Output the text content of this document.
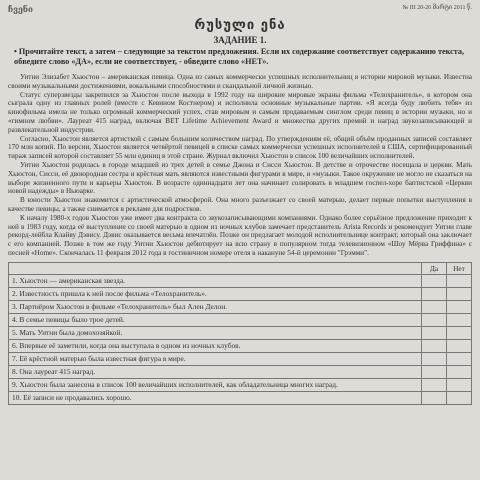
ჩვენი	№ III 20-26 მარტი 2011 წ.
რუსული ენა
ЗАДАНИЕ 1.
• Прочитайте текст, а затем – следующие за текстом предложения. Если их содержание соответствует содержанию текста, обведите слово «ДА», если не соответствует, - обведите слово «НЕТ».

Уитни Элизабет Хьюстон – американская певица. Одна из самых коммерчески успешных исполнительниц в истории мировой музыки. Известна своими музыкальными достижениями, вокальными способностями и скандальной личной жизнью.

Статус суперзвезды закрепился за Хьюстон после выхода в 1992 году на широкие мировые экраны фильма «Телохранитель», в котором она сыграла одну из главных ролей (вместе с Кевином Костнером) и исполнила основные музыкальные партии. «Я всегда буду любить тебя» из кинофильма имела не только огромный коммерческий успех, став мировым и самым продаваемым синглом среди певиц в истории музыки, но и «гимном любви». Лауреат 415 наград, включая BET Lifetime Achievement Award и множества других премий и наград звукозаписывающей и развлекательной индустрии.

Согласно, Хьюстон является артисткой с самым большим количеством наград. По утверждениям её, общий объём проданных записей составляет 170 млн копий. По версии, Хьюстон является четвёртой певицей в списке самых коммерчески успешных исполнителей в США, сертифицированный тираж записей которой составляет 55 млн единиц в этой стране. Журнал включил Хьюстон в список 100 величайших исполнителей.

Уитни Хьюстон родилась в городе младшей из трех детей в семье Джона и Сисси Хьюстон. В детстве и отрочестве посещала и церкви. Мать Хьюстон, Сисси, её двоюродная сестра и крёстная мать являются известными фигурами в мире, и «музыки. Такое окружение не могло не сказаться на выборе жизненного пути и карьеры Хьюстон. В возрасте одиннадцати лет она начинает солировать в младшем госпел-хоре баптистской «Церкви новой надежды» в Ньюарке.

В юности Хьюстон знакомится с артистической атмосферой. Она много разъезжает со своей матерью, делает первые попытки выступления в качестве певицы, а также снимается в рекламе для подростков.

К началу 1980-х годов Хьюстон уже имеет два контракта со звукозаписывающими компаниями. Однако более серьёзное предложение приходит к ней в 1983 году, когда её выступление со своей матерью в одном из ночных клубов замечает представитель Arista Records и рекомендует Уитни главе рекорд-лейбла Клайву Дэвису. Дэвис оказывается весьма впечатлён. Позже он предлагает молодой исполнительнице контракт, который она заключает с его компанией. Позже в том же году Уитни Хьюстон дебютирует на всю страну в популярном тогда телевизионном «Шоу Мёрва Гриффина» с песней «Home». Скончалась 11 февраля 2012 года в гостиничном номере отеля в накануне 54-й церемонии "Грэмми".

	Да	Нет
1. Хьюстон — американская звезда.		
2. Известность пришла к ней после фильма «Телохранитель».		
3. Партнёром Хьюстон в фильме «Телохранитель» был Ален Делон.		
4. В семье певицы было трое детей.		
5. Мать Уитни была домохозяйкой.		
6. Впервые её заметили, когда она выступала в одном из ночных клубов.		
7. Её крёстной матерью была известная фигура в мире.		
8. Она лауреат 415 наград.		
9. Хьюстон была занесена в список 100 величайших исполнителей, как обладательница многих наград.		
10. Её записи не продавались хорошо.		
